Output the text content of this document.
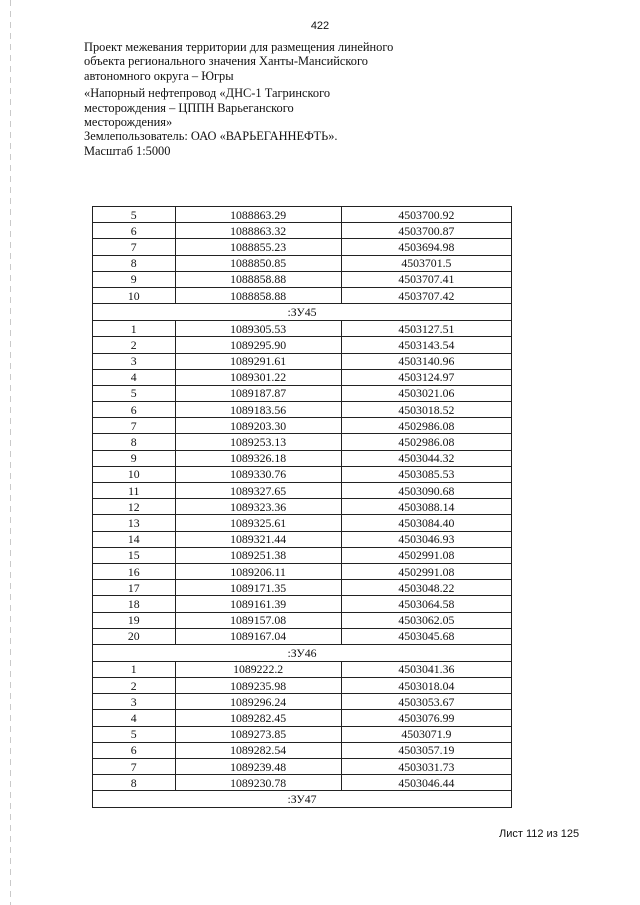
422

Проект межевания территории для размещения линейного

объекта регионального значения Ханты-Мансийского

автономного округа – Югры

«Напорный нефтепровод «ДНС-1 Тагринского

месторождения – ЦППН Варьеганского

месторождения»

Землепользователь: ОАО «ВАРЬЕГАННЕФТЬ».

Масштаб 1:5000

5	1088863.29	4503700.92
6	1088863.32	4503700.87
7	1088855.23	4503694.98
8	1088850.85	4503701.5
9	1088858.88	4503707.41
10	1088858.88	4503707.42
:ЗУ45		
1	1089305.53	4503127.51
2	1089295.90	4503143.54
3	1089291.61	4503140.96
4	1089301.22	4503124.97
5	1089187.87	4503021.06
6	1089183.56	4503018.52
7	1089203.30	4502986.08
8	1089253.13	4502986.08
9	1089326.18	4503044.32
10	1089330.76	4503085.53
11	1089327.65	4503090.68
12	1089323.36	4503088.14
13	1089325.61	4503084.40
14	1089321.44	4503046.93
15	1089251.38	4502991.08
16	1089206.11	4502991.08
17	1089171.35	4503048.22
18	1089161.39	4503064.58
19	1089157.08	4503062.05
20	1089167.04	4503045.68
:ЗУ46		
1	1089222.2	4503041.36
2	1089235.98	4503018.04
3	1089296.24	4503053.67
4	1089282.45	4503076.99
5	1089273.85	4503071.9
6	1089282.54	4503057.19
7	1089239.48	4503031.73
8	1089230.78	4503046.44
:ЗУ47		
Лист 112 из 125
